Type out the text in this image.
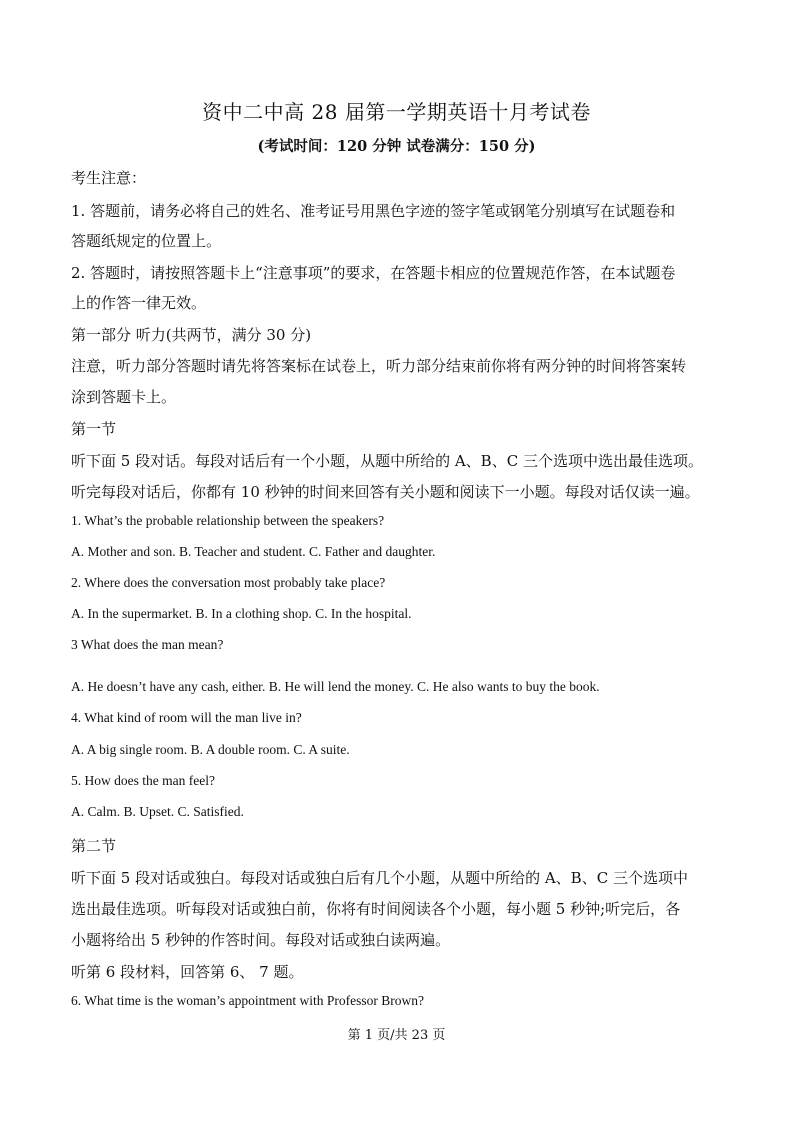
资中二中高 28 届第一学期英语十月考试卷
(考试时间：120 分钟 试卷满分：150 分)
考生注意：
1. 答题前，请务必将自己的姓名、准考证号用黑色字迹的签字笔或钢笔分别填写在试题卷和
答题纸规定的位置上。
2. 答题时，请按照答题卡上“注意事项”的要求，在答题卡相应的位置规范作答，在本试题卷
上的作答一律无效。
第一部分 听力(共两节，满分 30 分)
注意，听力部分答题时请先将答案标在试卷上，听力部分结束前你将有两分钟的时间将答案转
涂到答题卡上。
第一节
听下面 5 段对话。每段对话后有一个小题，从题中所给的 A、B、C 三个选项中选出最佳选项。
听完每段对话后，你都有 10 秒钟的时间来回答有关小题和阅读下一小题。每段对话仅读一遍。
1. What’s the probable relationship between the speakers?
A. Mother and son. B. Teacher and student. C. Father and daughter.
2. Where does the conversation most probably take place?
A. In the supermarket. B. In a clothing shop. C. In the hospital.
3 What does the man mean?
A. He doesn’t have any cash, either. B. He will lend the money. C. He also wants to buy the book.
4. What kind of room will the man live in?
A. A big single room. B. A double room. C. A suite.
5. How does the man feel?
A. Calm. B. Upset. C. Satisfied.
第二节
听下面 5 段对话或独白。每段对话或独白后有几个小题，从题中所给的 A、B、C 三个选项中
选出最佳选项。听每段对话或独白前，你将有时间阅读各个小题，每小题 5 秒钟;听完后，各
小题将给出 5 秒钟的作答时间。每段对话或独白读两遍。
听第 6 段材料，回答第 6、 7 题。
6. What time is the woman’s appointment with Professor Brown?
第 1 页/共 23 页
